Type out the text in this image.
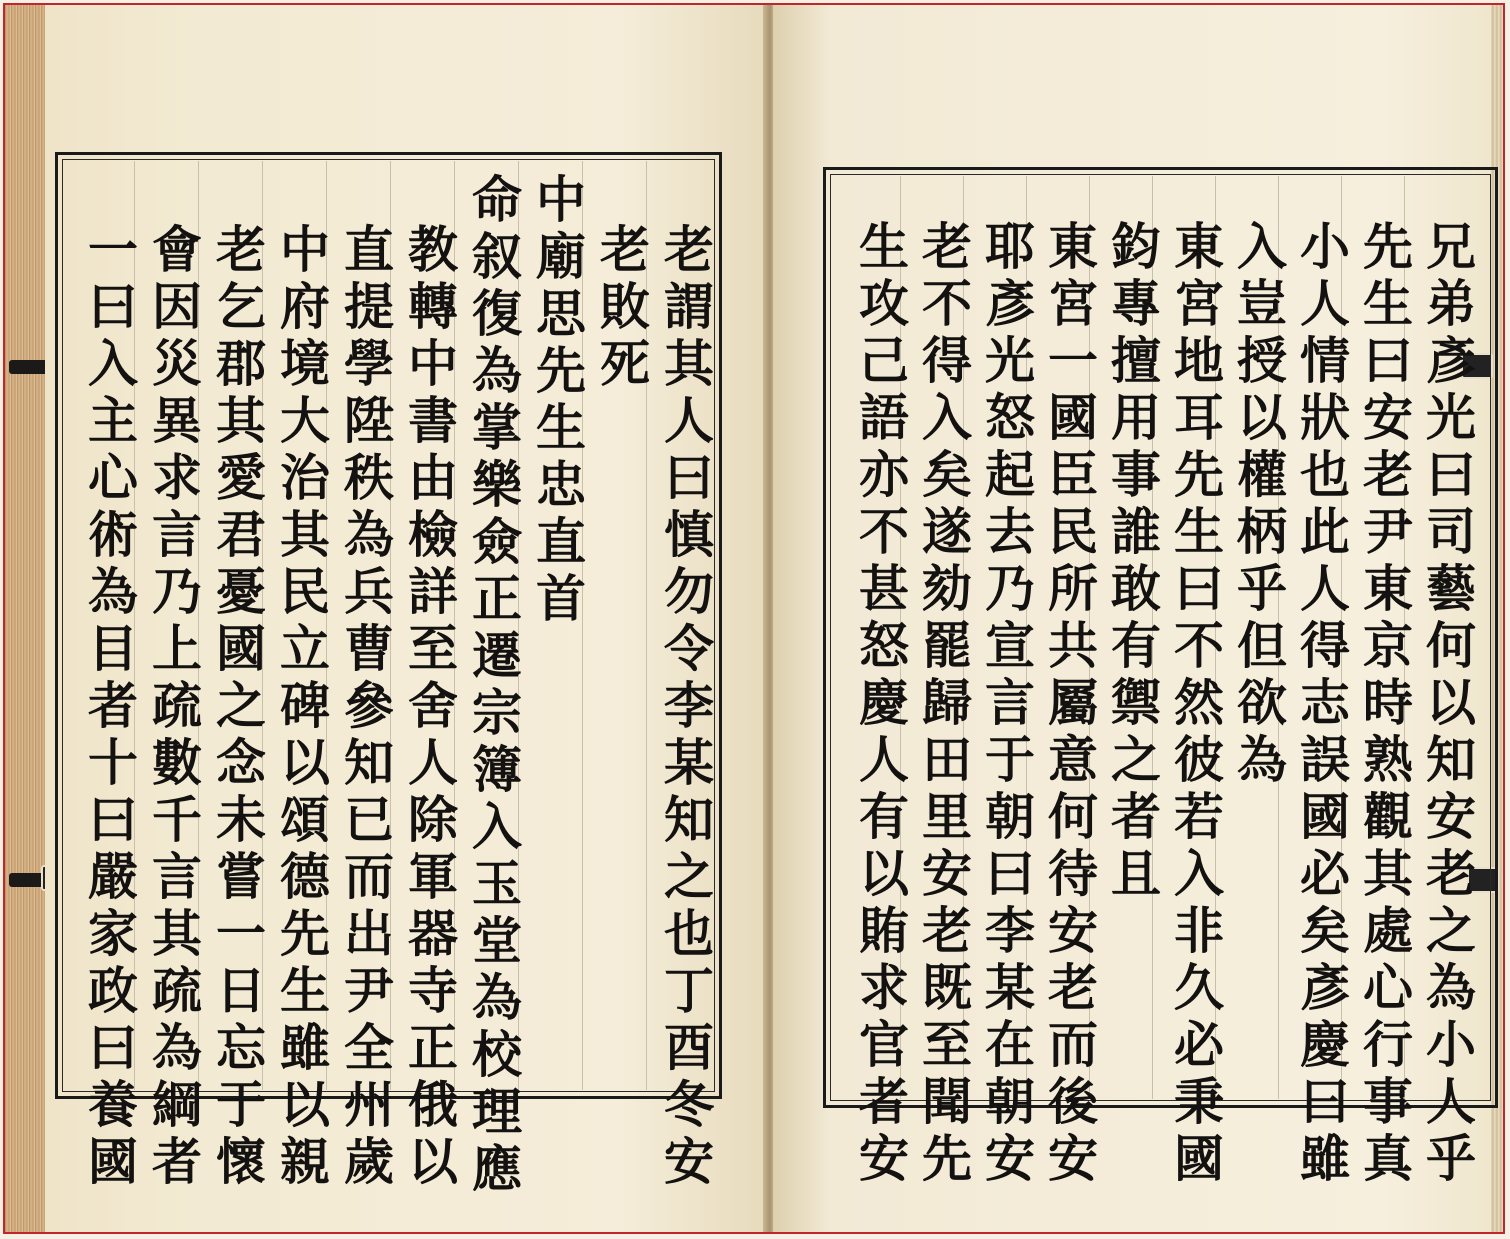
老謂其人曰慎勿令李某知之也丁酉冬安
老敗死
中廟思先生忠直首
命叙復為掌樂僉正遷宗簿入玉堂為校理應
教轉中書由檢詳至舍人除軍器寺正俄以
直提學陞秩為兵曹參知已而出尹全州歲
中府境大治其民立碑以頌德先生雖以親
老乞郡其愛君憂國之念未嘗一日忘于懷
會因災異求言乃上疏數千言其疏為綱者
一曰入主心術為目者十曰嚴家政曰養國	兄弟彥光曰司藝何以知安老之為小人乎
先生曰安老尹東京時熟觀其處心行事真
小人情狀也此人得志誤國必矣彥慶曰雖
入豈授以權柄乎但欲為
東宮地耳先生曰不然彼若入非久必秉國
鈞專擅用事誰敢有禦之者且
東宮一國臣民所共屬意何待安老而後安
耶彥光怒起去乃宣言于朝曰李某在朝安
老不得入矣遂劾罷歸田里安老既至聞先
生攻己語亦不甚怒慶人有以賄求官者安
